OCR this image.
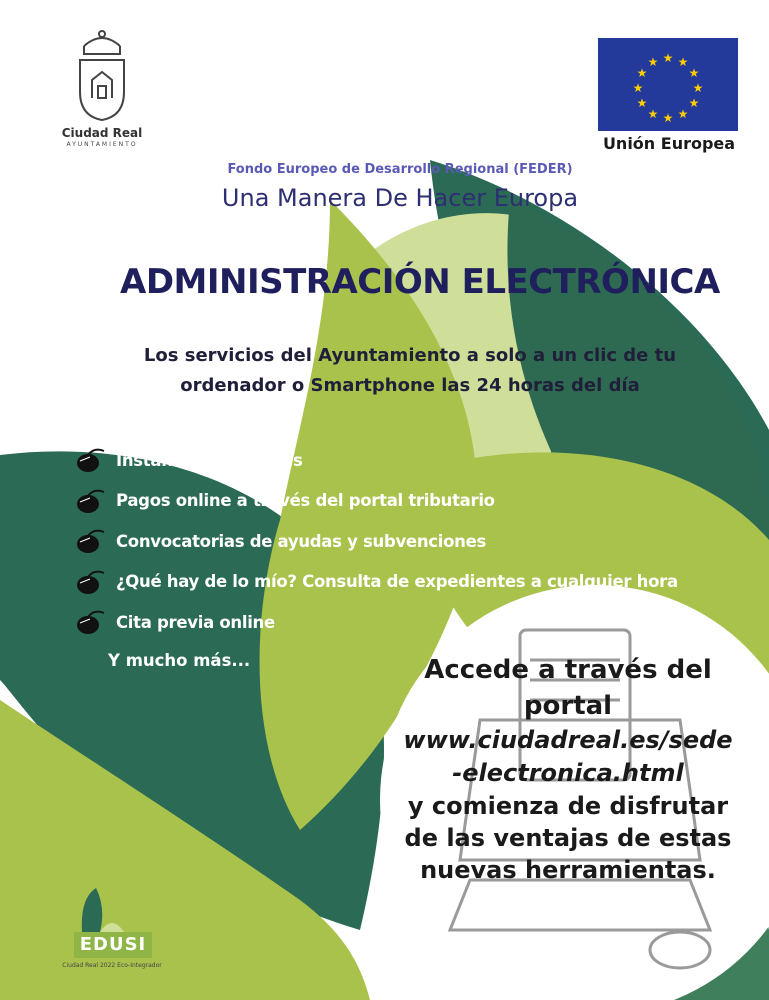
Ciudad Real
AYUNTAMIENTO
★ ★
★
★
★
★
★
★
★
★
★
★
Unión Europea
Fondo Europeo de Desarrollo Regional (FEDER)
Una Manera De Hacer Europa
ADMINISTRACIÓN ELECTRÓNICA
Los servicios del Ayuntamiento a solo a un clic de tu
ordenador o Smartphone las 24 horas del día
Instancias generales
Pagos online a través del portal tributario
Convocatorias de ayudas y subvenciones
¿Qué hay de lo mío? Consulta de expedientes a cualquier hora
Cita previa online
Y mucho más...	Accede a través del
portal
www.ciudadreal.es/sede
-electronica.html
y comienza de disfrutar
de las ventajas de estas
nuevas herramientas.
EDUSI
Ciudad Real 2022 Eco-Integrador
